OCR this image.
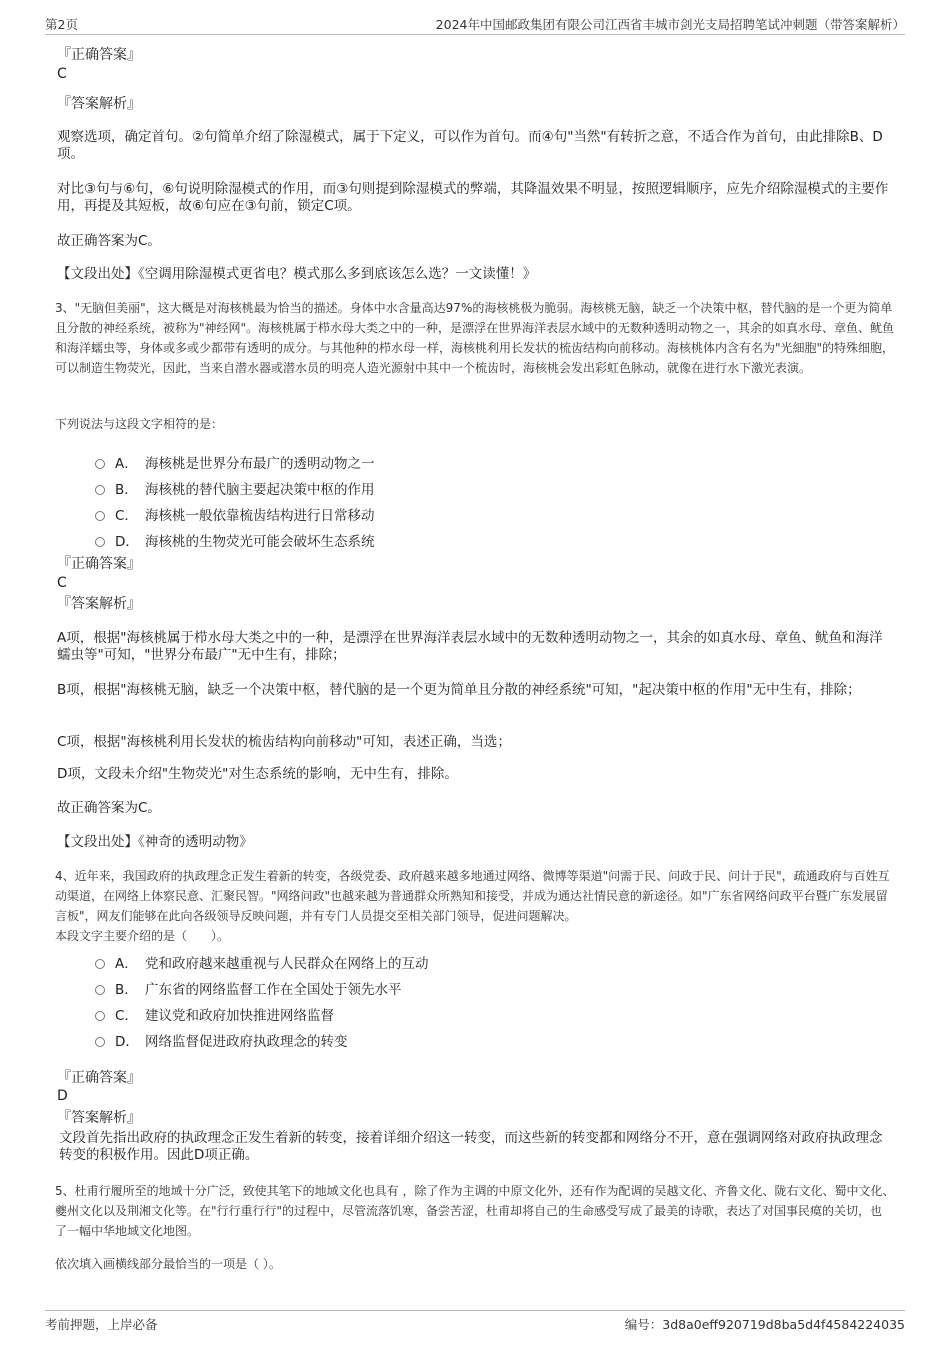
第2页	2024年中国邮政集团有限公司江西省丰城市剑光支局招聘笔试冲刺题（带答案解析）
『正确答案』
C
『答案解析』
观察选项，确定首句。②句简单介绍了除湿模式，属于下定义，可以作为首句。而④句"当然"有转折之意，不适合作为首句，由此排除B、D项。
对比③句与⑥句，⑥句说明除湿模式的作用，而③句则提到除湿模式的弊端，其降温效果不明显，按照逻辑顺序，应先介绍除湿模式的主要作用，再提及其短板，故⑥句应在③句前，锁定C项。
故正确答案为C。
【文段出处】《空调用除湿模式更省电？模式那么多到底该怎么选？一文读懂！》
3、"无脑但美丽"，这大概是对海核桃最为恰当的描述。身体中水含量高达97%的海核桃极为脆弱。海核桃无脑，缺乏一个决策中枢，替代脑的是一个更为简单且分散的神经系统，被称为"神经网"。海核桃属于栉水母大类之中的一种，是漂浮在世界海洋表层水域中的无数种透明动物之一，其余的如真水母、章鱼、鱿鱼和海洋蠕虫等，身体或多或少都带有透明的成分。与其他种的栉水母一样，海核桃利用长发状的梳齿结构向前移动。海核桃体内含有名为"光細胞"的特殊细胞，可以制造生物荧光，因此，当来自潜水器或潜水员的明亮人造光源射中其中一个梳齿时，海核桃会发出彩虹色脉动，就像在进行水下激光表演。
下列说法与这段文字相符的是：
A． 海核桃是世界分布最广的透明动物之一
B． 海核桃的替代脑主要起决策中枢的作用
C． 海核桃一般依靠梳齿结构进行日常移动
D． 海核桃的生物荧光可能会破坏生态系统
『正确答案』
C
『答案解析』
A项，根据"海核桃属于栉水母大类之中的一种，是漂浮在世界海洋表层水域中的无数种透明动物之一，其余的如真水母、章鱼、鱿鱼和海洋蠕虫等"可知，"世界分布最广"无中生有，排除；
B项，根据"海核桃无脑，缺乏一个决策中枢，替代脑的是一个更为简单且分散的神经系统"可知，"起决策中枢的作用"无中生有，排除；
C项，根据"海核桃利用长发状的梳齿结构向前移动"可知，表述正确，当选；
D项，文段未介绍"生物荧光"对生态系统的影响，无中生有，排除。
故正确答案为C。
【文段出处】《神奇的透明动物》
4、近年来，我国政府的执政理念正发生着新的转变，各级党委、政府越来越多地通过网络、微博等渠道"问需于民、问政于民、问计于民"，疏通政府与百姓互动渠道，在网络上体察民意、汇聚民智。"网络问政"也越来越为普通群众所熟知和接受，并成为通达社情民意的新途径。如"广东省网络问政平台暨广东发展留言板"，网友们能够在此向各级领导反映问题，并有专门人员提交至相关部门领导，促进问题解决。
本段文字主要介绍的是（　　）。
A． 党和政府越来越重视与人民群众在网络上的互动
B． 广东省的网络监督工作在全国处于领先水平
C． 建议党和政府加快推进网络监督
D． 网络监督促进政府执政理念的转变
『正确答案』
D
『答案解析』
文段首先指出政府的执政理念正发生着新的转变，接着详细介绍这一转变，而这些新的转变都和网络分不开，意在强调网络对政府执政理念转变的积极作用。因此D项正确。
5、杜甫行履所至的地域十分广泛，致使其笔下的地域文化也具有 ，除了作为主调的中原文化外，还有作为配调的吴越文化、齐鲁文化、陇右文化、蜀中文化、夔州文化以及荆湘文化等。在"行行重行行"的过程中，尽管流落饥寒，备尝苦涩，杜甫却将自己的生命感受写成了最美的诗歌，表达了对国事民瘼的关切，也 了一幅中华地域文化地图。
依次填入画横线部分最恰当的一项是（ ）。
考前押题，上岸必备	编号：3d8a0eff920719d8ba5d4f4584224035
